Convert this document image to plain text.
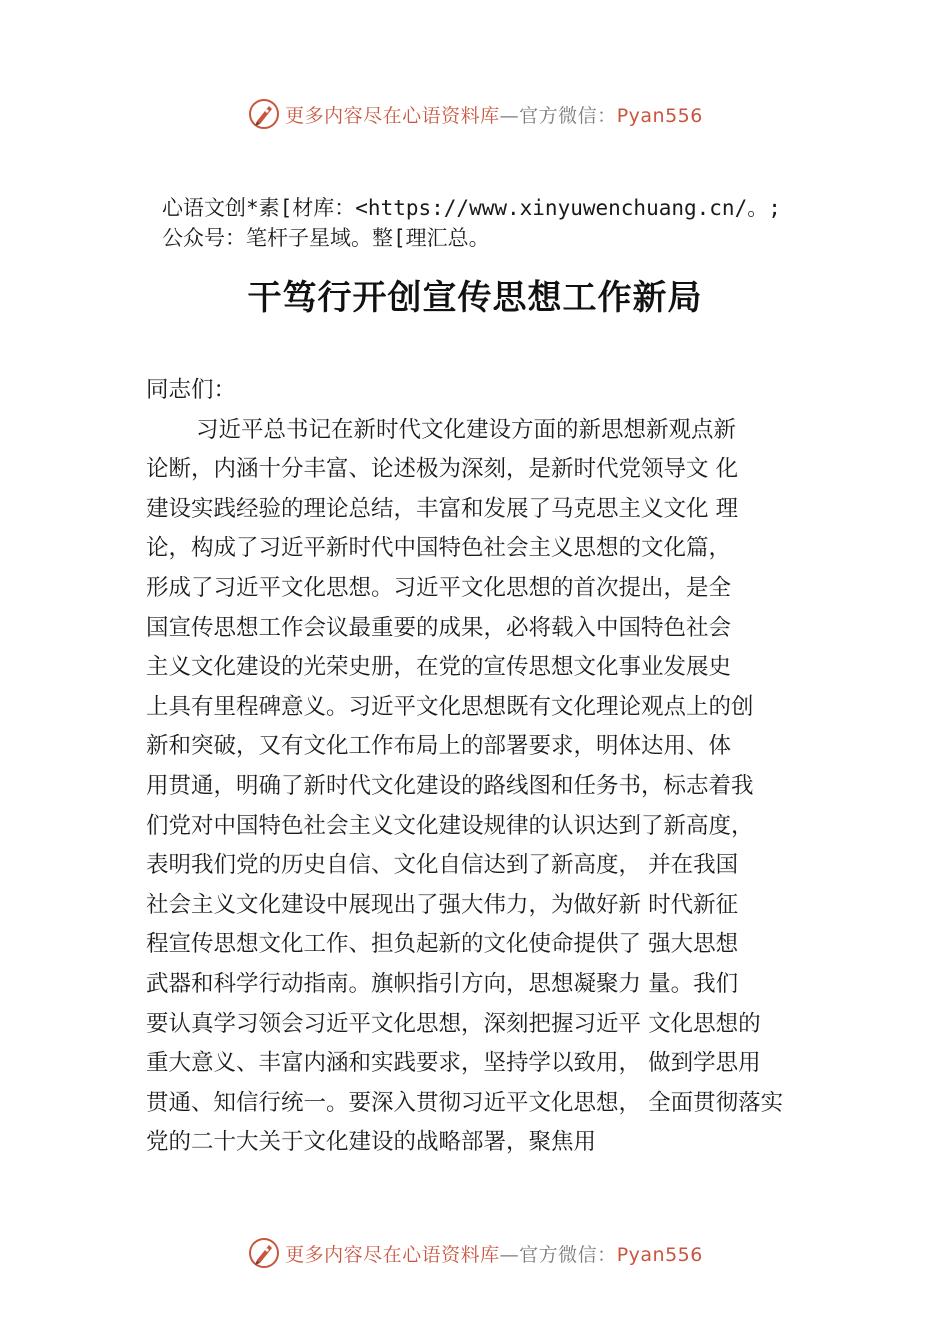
更多内容尽在心语资料库—官方微信：Pyan556
心语文创*素[材库：<https://www.xinyuwenchuang.cn/。;
公众号：笔杆子星域。整[理汇总。
干笃行开创宣传思想工作新局
同志们：
习近平总书记在新时代文化建设方面的新思想新观点新
论断，内涵十分丰富、论述极为深刻，是新时代党领导文 化
建设实践经验的理论总结，丰富和发展了马克思主义文化 理
论，构成了习近平新时代中国特色社会主义思想的文化篇，
形成了习近平文化思想。习近平文化思想的首次提出，是全
国宣传思想工作会议最重要的成果，必将载入中国特色社会
主义文化建设的光荣史册，在党的宣传思想文化事业发展史
上具有里程碑意义。习近平文化思想既有文化理论观点上的创
新和突破，又有文化工作布局上的部署要求，明体达用、体
用贯通，明确了新时代文化建设的路线图和任务书，标志着我
们党对中国特色社会主义文化建设规律的认识达到了新高度，
表明我们党的历史自信、文化自信达到了新高度， 并在我国
社会主义文化建设中展现出了强大伟力，为做好新 时代新征
程宣传思想文化工作、担负起新的文化使命提供了 强大思想
武器和科学行动指南。旗帜指引方向，思想凝聚力 量。我们
要认真学习领会习近平文化思想，深刻把握习近平 文化思想的
重大意义、丰富内涵和实践要求，坚持学以致用， 做到学思用
贯通、知信行统一。要深入贯彻习近平文化思想， 全面贯彻落实
党的二十大关于文化建设的战略部署，聚焦用
更多内容尽在心语资料库—官方微信：Pyan556
